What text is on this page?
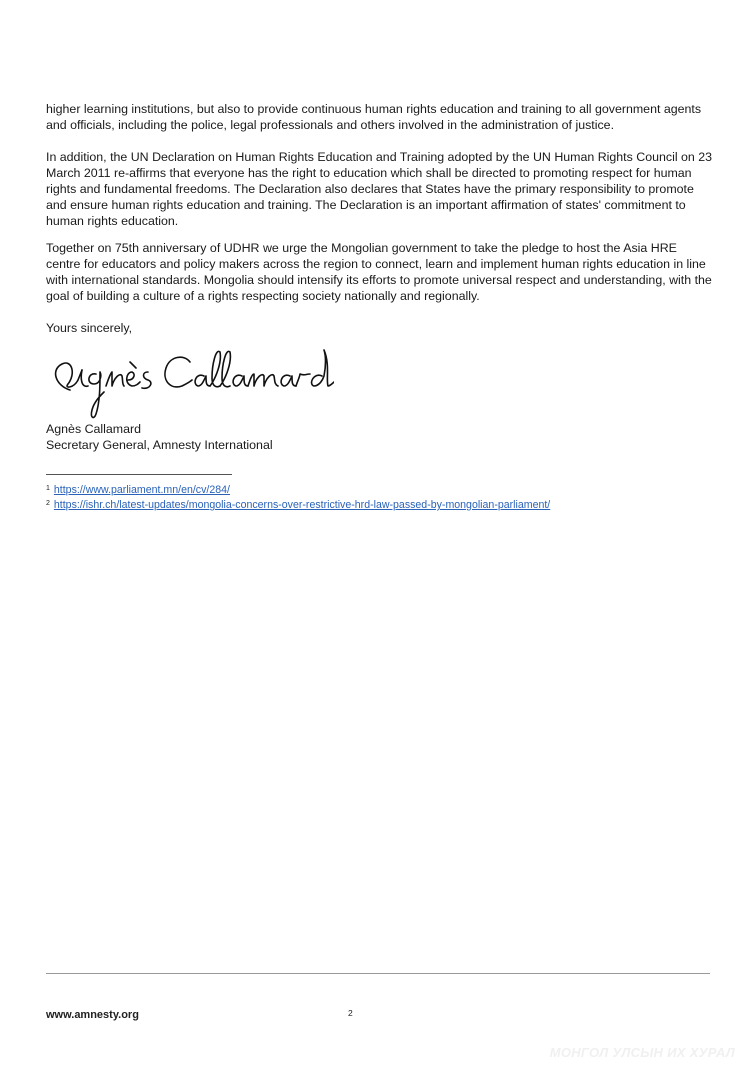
higher learning institutions, but also to provide continuous human rights education and training to all government agents and officials, including the police, legal professionals and others involved in the administration of justice.

In addition, the UN Declaration on Human Rights Education and Training adopted by the UN Human Rights Council on 23 March 2011 re-affirms that everyone has the right to education which shall be directed to promoting respect for human rights and fundamental freedoms. The Declaration also declares that States have the primary responsibility to promote and ensure human rights education and training. The Declaration is an important affirmation of states' commitment to human rights education.

Together on 75th anniversary of UDHR we urge the Mongolian government to take the pledge to host the Asia HRE centre for educators and policy makers across the region to connect, learn and implement human rights education in line with international standards. Mongolia should intensify its efforts to promote universal respect and understanding, with the goal of building a culture of a rights respecting society nationally and regionally.

Yours sincerely,

Agnès Callamard

Secretary General, Amnesty International

$^1$ https://www.parliament.mn/en/cv/284/
$^2$ https://ishr.ch/latest-updates/mongolia-concerns-over-restrictive-hrd-law-passed-by-mongolian-parliament/
www.amnesty.org	2
МОНГОЛ УЛСЫН ИХ ХУРАЛ
